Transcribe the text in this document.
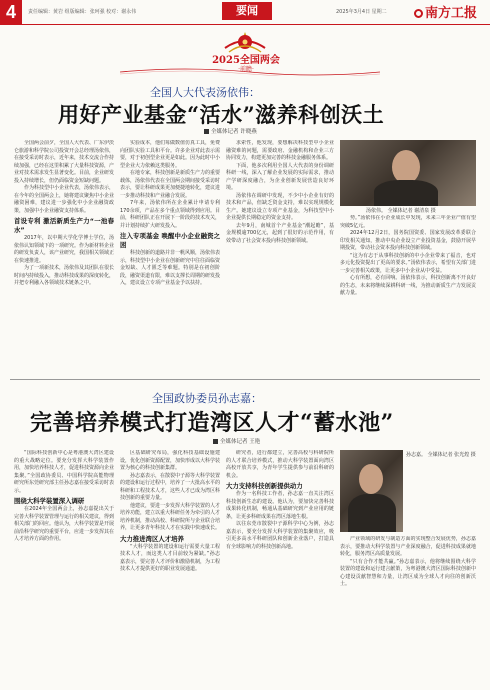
4	责任编辑：黄岩 组版编辑：张珂强 校对：谢永伟	要闻	2025年3月4日 星期二	南方工报
2025全国两会
·前瞻·
全国人大代表汤依伟：
用好产业基金“活水”滋养科创沃土
全媒体记者 许晓燕

全国两会前夕，全国人大代表、广东伊茨仑旅游和科学院公司投资开会总经理汤依伟，在接受采访时表示，近年来，技术交流合作持续加强，已经在这里积累了大量科技资源，产业对技术需求发生显著变化。目前，企业研发投入持续增长，但仍面临资金短缺问题。

作为科技型中小企业代表，汤依伟表示，在今年的全国两会上，她将建议聚焦中小企业融资困难，建议进一步强化中小企业融资政策，加强中小企业融资支持体系。

首设专利 激活新质生产力“一池春水”

2017年，以中期大学化学博士学位，汤依伟认知领域下的一项研究。作为新材料企业的研发负责人，该产业研究，我国相关领域正在快速推进。

为了一项新技术，汤依伟及其团队在很长时间内持续投入，推动科技成果的深度转化，并把专利融入各领域技术链条之中。

实验成本，他们每做数值仿真工具，免费向团队实验工具和平台。许多企业对此表示需要，对于初创型企业更是如此。因为此时中小型企业大力依赖这类服务。

在地专家，科技创新是新质生产力的重要载体，汤依伟代表在全国两会期间接受采访时表示，要让科研成果更加便捷地转化，建议进一步推动科技和产业融合发展。

7年来，汤依伟所在企业累计申请专利170余项，产品在多个重点领域得到应用。目前，科研团队正在开展下一阶段的技术攻关，并计划持续扩大研发投入。

注入专项基金 唤醒中小企业融资之困

科技创新的道路并非一帆风顺，汤依伟表示，科技型中小企业在创新研究中往往面临资金短缺、人才匮乏等难题。特别是在初创阶段，融资渠道有限，难以支撑长周期的研发投入，建议设立专项产业基金予以扶持。

求索性，他发现，要想解决科技型中小企业融资难的问题，需要政府、金融机构和企业三方协同发力，构建更加完善的科技金融服务体系。

下面，他多次利用全国人大代表的身份调研科研一线，深入了解企业发展的实际需求，推动产学研深度融合，为企业创新发展营造良好环境。

汤依伟在调研中发现，不少中小企业有好的技术和产品，但缺乏资金支持，难以实现规模化生产。她建议设立专项产业基金，为科技型中小企业提供长期稳定的资金支持。

去年9月，南城首个产业基金“潮起瞻”，基金规模逾700亿元，起到了很好的示范作用，有效带动了社会资本投向科技创新领域。

汤依伟。 全媒体记者 谢清泉 摄

势。”汤依伟在小企业成长中发现，未来三年企业产值有望突破5亿元。

2024年12月2日，国务院国资委、国家发展改革委联合印发相关通知，推动中央企业设立产业投资基金，鼓励开展早期投资，带动社会资本投向科技创新领域。

“这为有志于从事科技创新的中小企业带来了福音，也对多元化投资提出了更高的要求。”汤依伟表示，希望有关部门进一步完善相关政策，让更多中小企业从中受益。

心有所想，必有回响。汤依伟表示，科技创新离不开良好的生态，未来将继续深耕科研一线，为推动新质生产力发展贡献力量。

全国政协委员孙志嘉：
完善培养模式打造湾区人才“蓄水池”
全媒体记者 王艳

“国际科技创新中心是粤港澳大湾区建设的重大战略定位。要充分发挥大科学装置作用，加快培养科技人才，促进科技资源向企业集聚。”全国政协委员、中国科学院高能物理研究所东莞研究部主任孙志嘉在接受采访时表示。

围绕大科学装置深入调研

在2024年全国两会上，孙志嘉提出关于完善大科学装置管理与运行的相关建议，得到相关部门的回应。他认为，大科学装置是开展前沿科学研究的重要平台，应进一步发挥其在人才培养方面的作用。

区基础研究布局，强化科技基础设施建设，优化创新资源配置，加快形成以大科学装置为核心的科技创新集群。

孙志嘉表示，在散裂中子源等大科学装置的建设和运行过程中，培养了一大批高水平的科研和工程技术人才，这些人才已成为湾区科技创新的重要力量。

他建议，要进一步发挥大科学装置的人才培养功能，建立以重大科研任务为牵引的人才培养机制，推动高校、科研院所与企业联合培养，让更多青年科技人才在实践中快速成长。

大力推进湾区人才培养

“大科学装置的建设和运行需要大量工程技术人才，而这类人才目前较为紧缺。”孙志嘉表示，要完善人才评价和激励机制，为工程技术人才提供更好的职业发展通道。

研究者，进行都建立，完善高校与科研院所的人才联合培养模式，推动大科学装置面向湾区高校开放共享，为青年学生提供参与前沿科研的机会。

大力支持科技创新提供动力

作为一名科技工作者，孙志嘉一直关注湾区科技创新生态的建设。他认为，要加快完善科技成果转化机制，畅通从基础研究到产业应用的链条，让更多科研成果在湾区落地生根。

以往东莞市散裂中子源科学中心为例，孙志嘉表示，要充分发挥大科学装置的集聚效应，吸引更多高水平科研团队和创新企业落户，打造具有全球影响力的科技创新高地。

孙志嘉。 全媒体记者 张光煌 摄

产业领域的研发与制造方面的实现整合发展优势，孙志嘉表示，要推动大科学装置与产业深度融合，促进科技成果就地转化，服务湾区高质量发展。

“只有合作才能共赢。”孙志嘉表示，他将继续围绕大科学装置的建设和运行建言献策，为粤港澳大湾区国际科技创新中心建设贡献智慧和力量，让湾区成为全球人才向往的创新沃土。
